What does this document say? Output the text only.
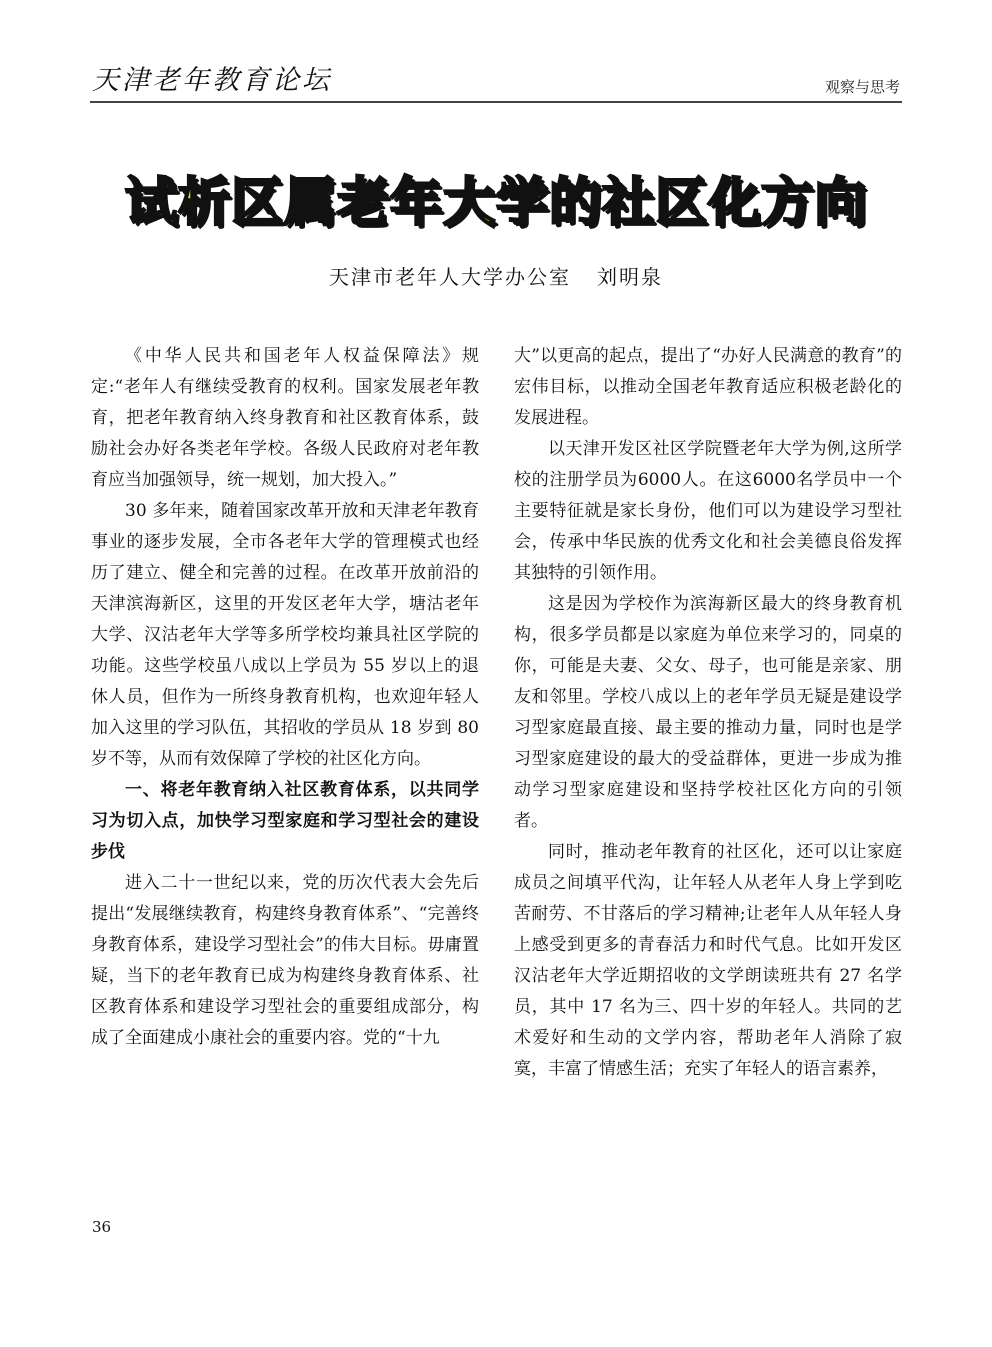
天津老年教育论坛	观察与思考
试析区属老年大学的社区化方向
天津市老年人大学办公室 刘明泉

《中华人民共和国老年人权益保障法》规定:“老年人有继续受教育的权利。国家发展老年教育，把老年教育纳入终身教育和社区教育体系，鼓励社会办好各类老年学校。各级人民政府对老年教育应当加强领导，统一规划，加大投入。”

30 多年来，随着国家改革开放和天津老年教育事业的逐步发展，全市各老年大学的管理模式也经历了建立、健全和完善的过程。在改革开放前沿的天津滨海新区，这里的开发区老年大学，塘沽老年大学、汉沽老年大学等多所学校均兼具社区学院的功能。这些学校虽八成以上学员为 55 岁以上的退休人员，但作为一所终身教育机构，也欢迎年轻人加入这里的学习队伍，其招收的学员从 18 岁到 80 岁不等，从而有效保障了学校的社区化方向。

一、将老年教育纳入社区教育体系，以共同学习为切入点，加快学习型家庭和学习型社会的建设步伐

进入二十一世纪以来，党的历次代表大会先后提出“发展继续教育，构建终身教育体系”、“完善终身教育体系，建设学习型社会”的伟大目标。毋庸置疑，当下的老年教育已成为构建终身教育体系、社区教育体系和建设学习型社会的重要组成部分，构成了全面建成小康社会的重要内容。党的“十九

大”以更高的起点，提出了“办好人民满意的教育”的宏伟目标，以推动全国老年教育适应积极老龄化的发展进程。

以天津开发区社区学院暨老年大学为例,这所学校的注册学员为6000人。在这6000名学员中一个主要特征就是家长身份，他们可以为建设学习型社会，传承中华民族的优秀文化和社会美德良俗发挥其独特的引领作用。

这是因为学校作为滨海新区最大的终身教育机构，很多学员都是以家庭为单位来学习的，同桌的你，可能是夫妻、父女、母子，也可能是亲家、朋友和邻里。学校八成以上的老年学员无疑是建设学习型家庭最直接、最主要的推动力量，同时也是学习型家庭建设的最大的受益群体，更进一步成为推动学习型家庭建设和坚持学校社区化方向的引领者。

同时，推动老年教育的社区化，还可以让家庭成员之间填平代沟，让年轻人从老年人身上学到吃苦耐劳、不甘落后的学习精神;让老年人从年轻人身上感受到更多的青春活力和时代气息。比如开发区汉沽老年大学近期招收的文学朗读班共有 27 名学员，其中 17 名为三、四十岁的年轻人。共同的艺术爱好和生动的文学内容，帮助老年人消除了寂寞，丰富了情感生活；充实了年轻人的语言素养，

36
